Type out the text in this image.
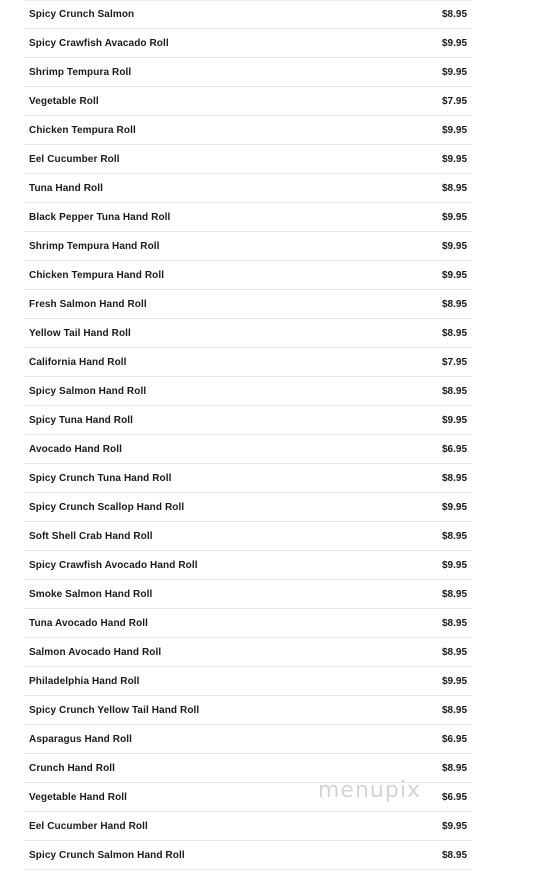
Spicy Crunch Salmon	$8.95
Spicy Crawfish Avacado Roll	$9.95
Shrimp Tempura Roll	$9.95
Vegetable Roll	$7.95
Chicken Tempura Roll	$9.95
Eel Cucumber Roll	$9.95
Tuna Hand Roll	$8.95
Black Pepper Tuna Hand Roll	$9.95
Shrimp Tempura Hand Roll	$9.95
Chicken Tempura Hand Roll	$9.95
Fresh Salmon Hand Roll	$8.95
Yellow Tail Hand Roll	$8.95
California Hand Roll	$7.95
Spicy Salmon Hand Roll	$8.95
Spicy Tuna Hand Roll	$9.95
Avocado Hand Roll	$6.95
Spicy Crunch Tuna Hand Roll	$8.95
Spicy Crunch Scallop Hand Roll	$9.95
Soft Shell Crab Hand Roll	$8.95
Spicy Crawfish Avocado Hand Roll	$9.95
Smoke Salmon Hand Roll	$8.95
Tuna Avocado Hand Roll	$8.95
Salmon Avocado Hand Roll	$8.95
Philadelphia Hand Roll	$9.95
Spicy Crunch Yellow Tail Hand Roll	$8.95
Asparagus Hand Roll	$6.95
Crunch Hand Roll	$8.95
Vegetable Hand Roll	$6.95
Eel Cucumber Hand Roll	$9.95
Spicy Crunch Salmon Hand Roll	$8.95
menupix
